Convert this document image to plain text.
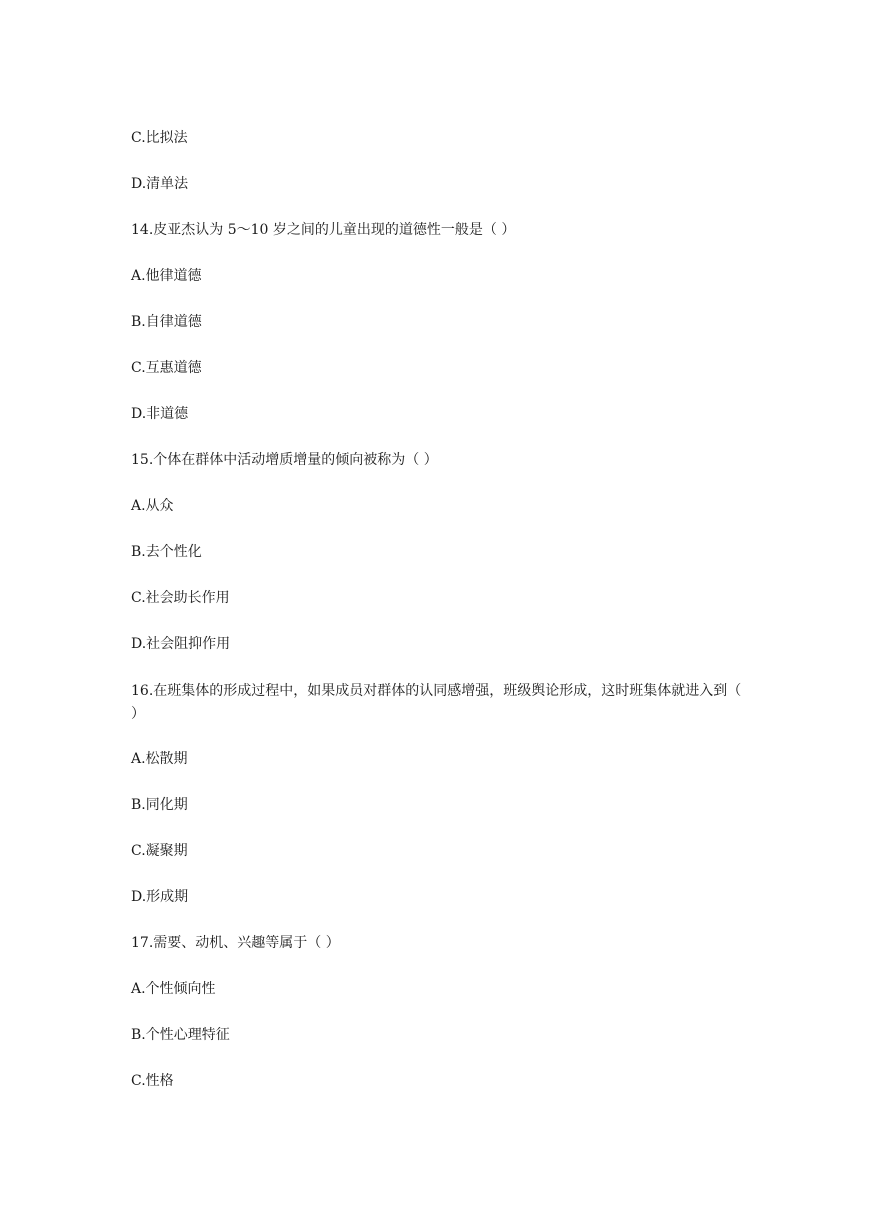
C.比拟法

D.清单法

14.皮亚杰认为 5～10 岁之间的儿童出现的道德性一般是（ ）

A.他律道德

B.自律道德

C.互惠道德

D.非道德

15.个体在群体中活动增质增量的倾向被称为（ ）

A.从众

B.去个性化

C.社会助长作用

D.社会阻抑作用

16.在班集体的形成过程中，如果成员对群体的认同感增强，班级舆论形成，这时班集体就进入到（ ）

A.松散期

B.同化期

C.凝聚期

D.形成期

17.需要、动机、兴趣等属于（ ）

A.个性倾向性

B.个性心理特征

C.性格
